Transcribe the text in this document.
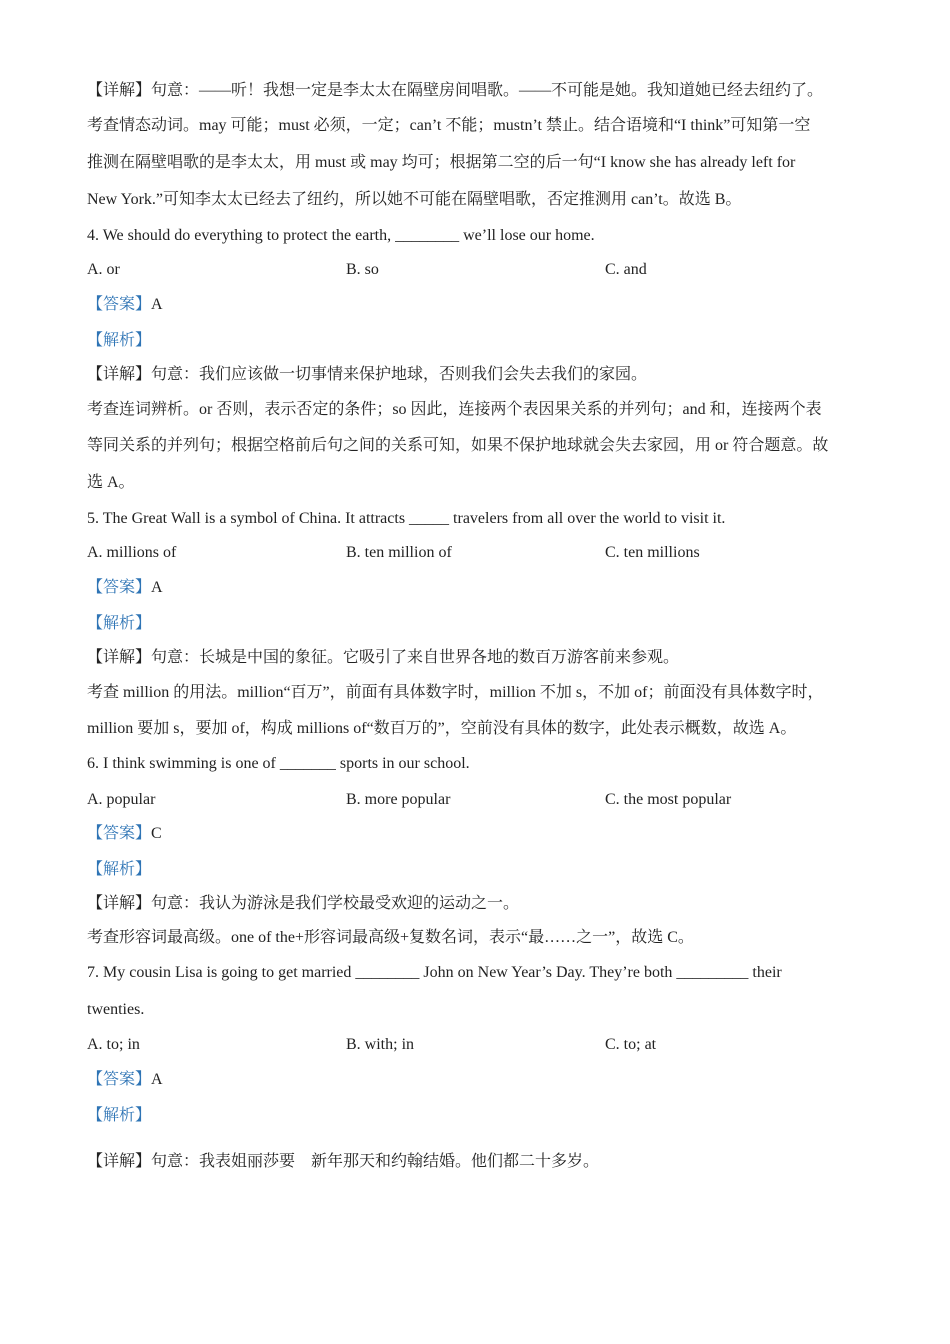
【详解】句意：——听！我想一定是李太太在隔壁房间唱歌。——不可能是她。我知道她已经去纽约了。
考查情态动词。may 可能；must 必须，一定；can’t 不能；mustn’t 禁止。结合语境和“I think”可知第一空
推测在隔壁唱歌的是李太太，用 must 或 may 均可；根据第二空的后一句“I know she has already left for
New York.”可知李太太已经去了纽约，所以她不可能在隔壁唱歌，否定推测用 can’t。故选 B。
4. We should do everything to protect the earth, ________ we’ll lose our home.
A. or	B. so	C. and
【答案】A
【解析】
【详解】句意：我们应该做一切事情来保护地球，否则我们会失去我们的家园。
考查连词辨析。or 否则，表示否定的条件；so 因此，连接两个表因果关系的并列句；and 和，连接两个表
等同关系的并列句；根据空格前后句之间的关系可知，如果不保护地球就会失去家园，用 or 符合题意。故
选 A。
5. The Great Wall is a symbol of China. It attracts _____ travelers from all over the world to visit it.
A. millions of	B. ten million of	C. ten millions
【答案】A
【解析】
【详解】句意：长城是中国的象征。它吸引了来自世界各地的数百万游客前来参观。
考查 million 的用法。million“百万”，前面有具体数字时，million 不加 s，不加 of；前面没有具体数字时，
million 要加 s，要加 of，构成 millions of“数百万的”，空前没有具体的数字，此处表示概数，故选 A。
6. I think swimming is one of _______ sports in our school.
A. popular	B. more popular	C. the most popular
【答案】C
【解析】
【详解】句意：我认为游泳是我们学校最受欢迎的运动之一。
考查形容词最高级。one of the+形容词最高级+复数名词，表示“最……之一”，故选 C。
7. My cousin Lisa is going to get married ________ John on New Year’s Day. They’re both _________ their
twenties.
A. to; in	B. with; in	C. to; at
【答案】A
【解析】
【详解】句意：我表姐丽莎要　新年那天和约翰结婚。他们都二十多岁。
